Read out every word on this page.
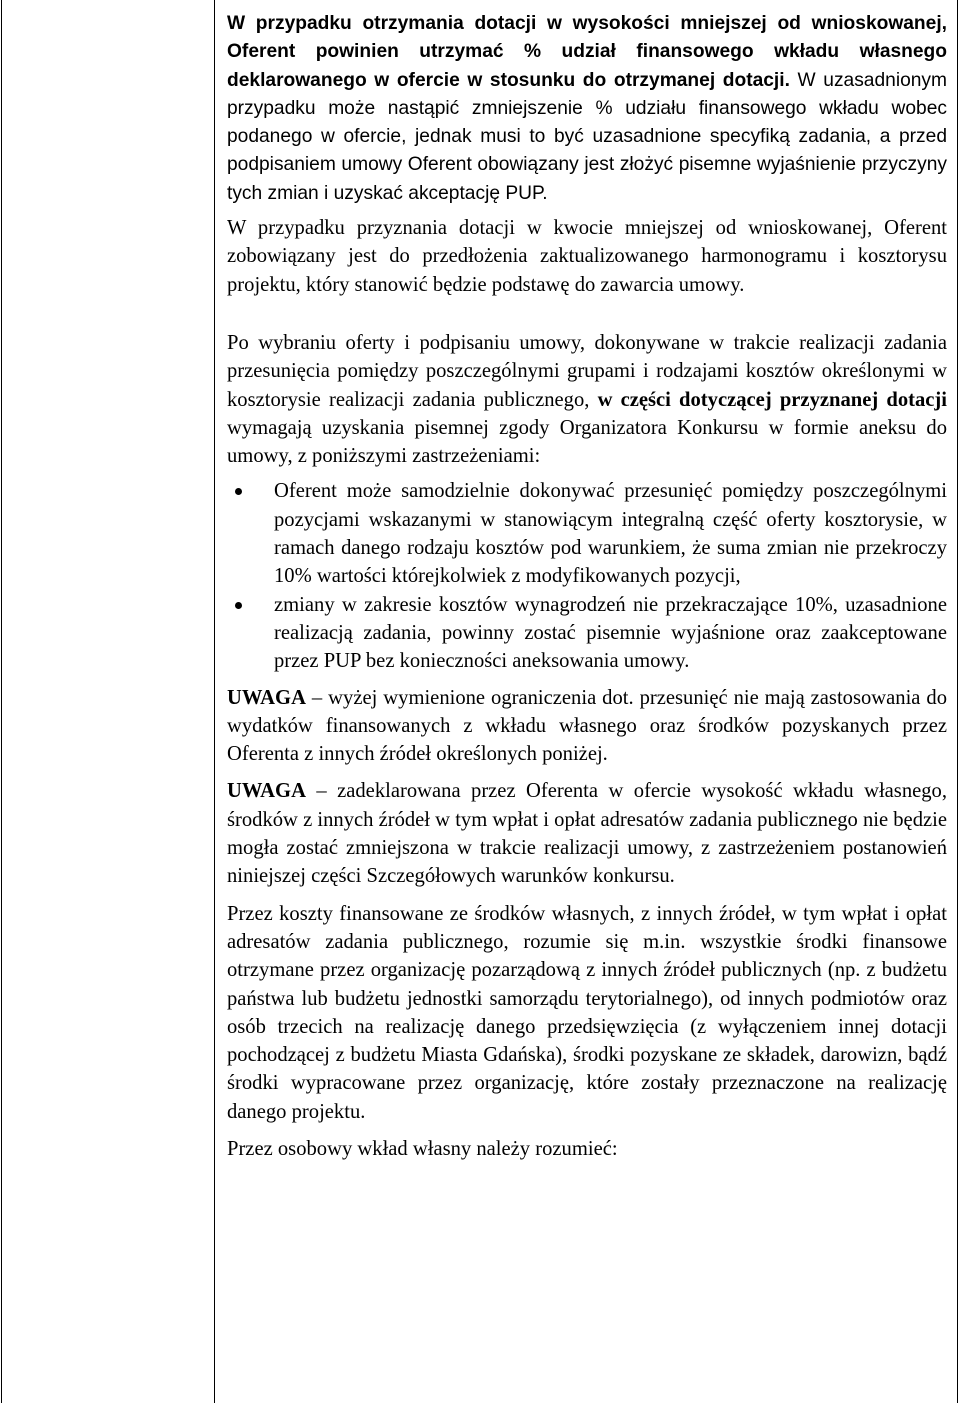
W przypadku otrzymania dotacji w wysokości mniejszej od wnioskowanej, Oferent powinien utrzymać % udział finansowego wkładu własnego deklarowanego w ofercie w stosunku do otrzymanej dotacji. W uzasadnionym przypadku może nastąpić zmniejszenie % udziału finansowego wkładu wobec podanego w ofercie, jednak musi to być uzasadnione specyfiką zadania, a przed podpisaniem umowy Oferent obowiązany jest złożyć pisemne wyjaśnienie przyczyny tych zmian i uzyskać akceptację PUP.

W przypadku przyznania dotacji w kwocie mniejszej od wnioskowanej, Oferent zobowiązany jest do przedłożenia zaktualizowanego harmonogramu i kosztorysu projektu, który stanowić będzie podstawę do zawarcia umowy.

Po wybraniu oferty i podpisaniu umowy, dokonywane w trakcie realizacji zadania przesunięcia pomiędzy poszczególnymi grupami i rodzajami kosztów określonymi w kosztorysie realizacji zadania publicznego, w części dotyczącej przyznanej dotacji wymagają uzyskania pisemnej zgody Organizatora Konkursu w formie aneksu do umowy, z poniższymi zastrzeżeniami:

Oferent może samodzielnie dokonywać przesunięć pomiędzy poszczególnymi pozycjami wskazanymi w stanowiącym integralną część oferty kosztorysie, w ramach danego rodzaju kosztów pod warunkiem, że suma zmian nie przekroczy 10% wartości którejkolwiek z modyfikowanych pozycji,
zmiany w zakresie kosztów wynagrodzeń nie przekraczające 10%, uzasadnione realizacją zadania, powinny zostać pisemnie wyjaśnione oraz zaakceptowane przez PUP bez konieczności aneksowania umowy.

UWAGA – wyżej wymienione ograniczenia dot. przesunięć nie mają zastosowania do wydatków finansowanych z wkładu własnego oraz środków pozyskanych przez Oferenta z innych źródeł określonych poniżej.

UWAGA – zadeklarowana przez Oferenta w ofercie wysokość wkładu własnego, środków z innych źródeł w tym wpłat i opłat adresatów zadania publicznego nie będzie mogła zostać zmniejszona w trakcie realizacji umowy, z zastrzeżeniem postanowień niniejszej części Szczegółowych warunków konkursu.

Przez koszty finansowane ze środków własnych, z innych źródeł, w tym wpłat i opłat adresatów zadania publicznego, rozumie się m.in. wszystkie środki finansowe otrzymane przez organizację pozarządową z innych źródeł publicznych (np. z budżetu państwa lub budżetu jednostki samorządu terytorialnego), od innych podmiotów oraz osób trzecich na realizację danego przedsięwzięcia (z wyłączeniem innej dotacji pochodzącej z budżetu Miasta Gdańska), środki pozyskane ze składek, darowizn, bądź środki wypracowane przez organizację, które zostały przeznaczone na realizację danego projektu.

Przez osobowy wkład własny należy rozumieć:
